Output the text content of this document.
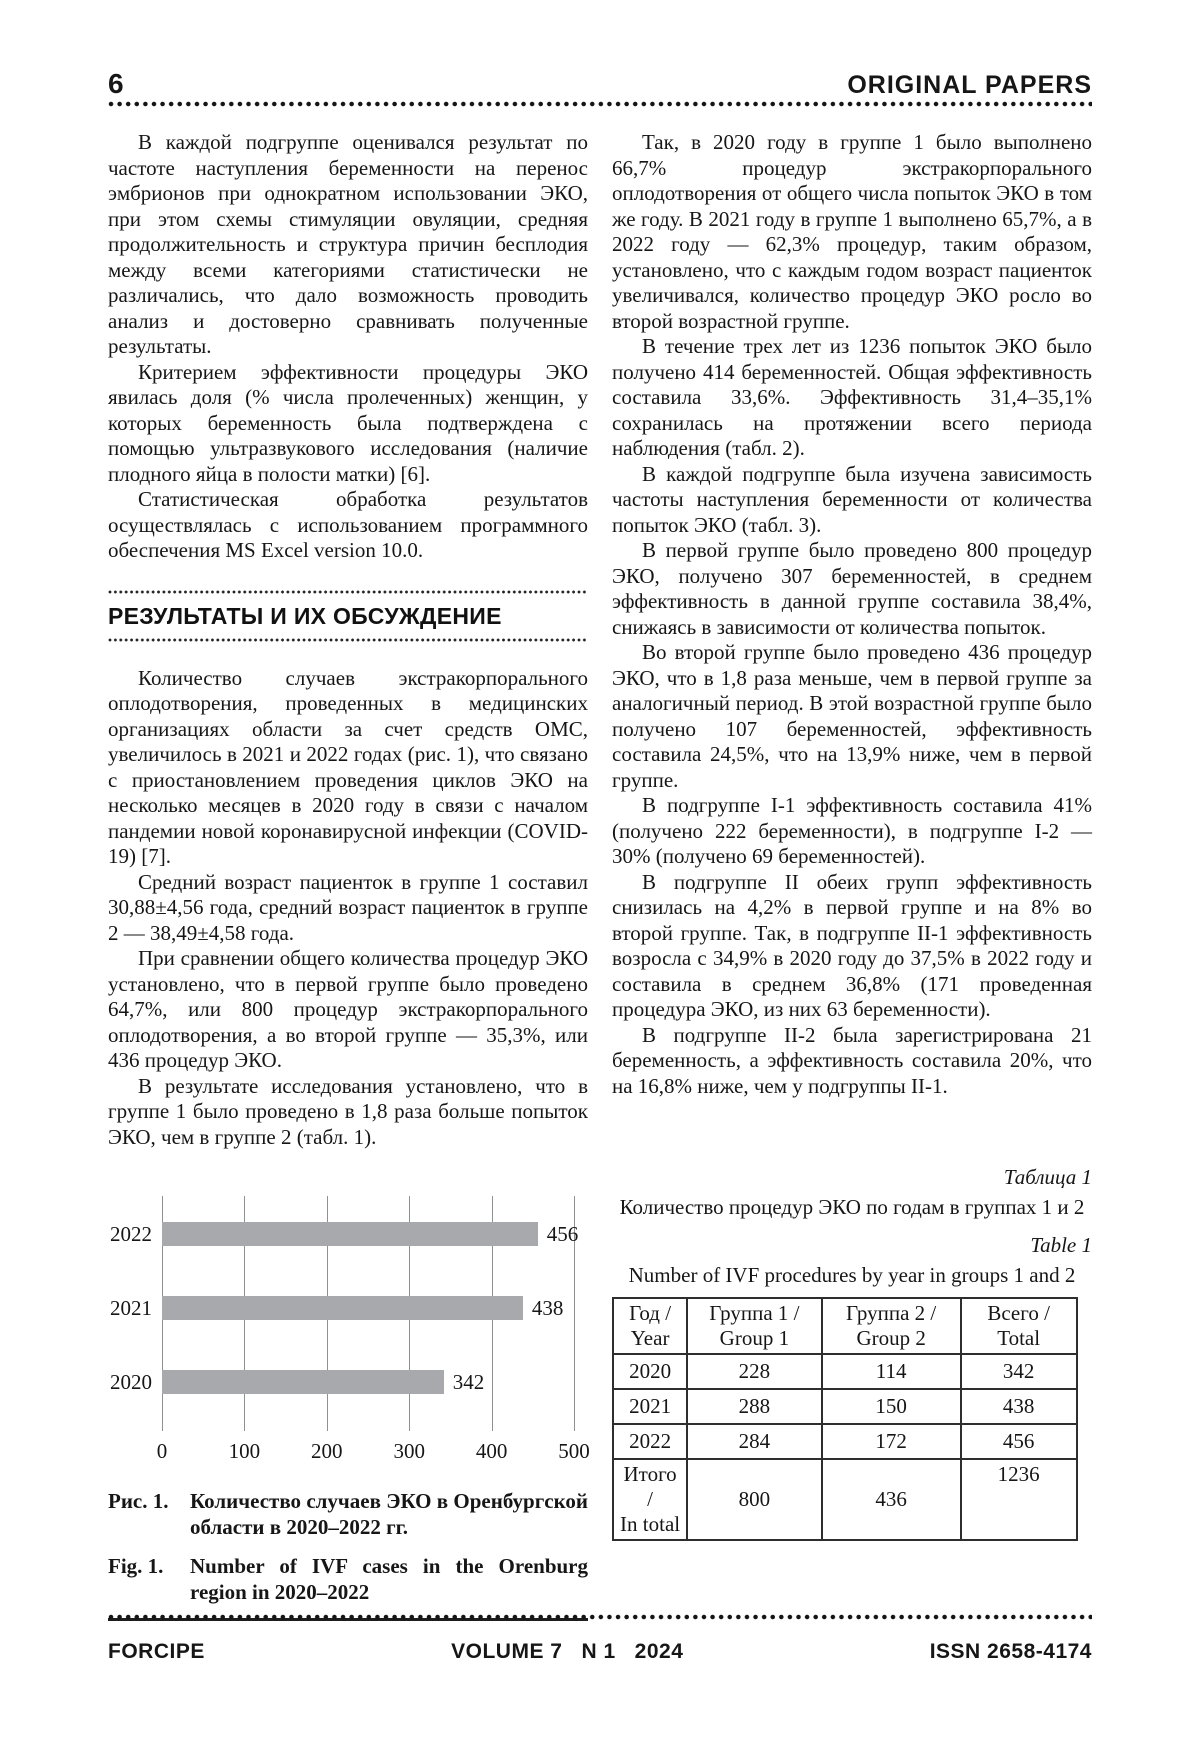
6	ORIGINAL PAPERS

В каждой подгруппе оценивался результат по частоте наступления беременности на перенос эмбрионов при однократном использовании ЭКО, при этом схемы стимуляции овуляции, средняя продолжительность и структура причин бесплодия между всеми категориями статистически не различались, что дало возможность проводить анализ и достоверно сравнивать полученные результаты.

Критерием эффективности процедуры ЭКО явилась доля (% числа пролеченных) женщин, у которых беременность была подтверждена с помощью ультразвукового исследования (наличие плодного яйца в полости матки) [6].

Статистическая обработка результатов осуществлялась с использованием программного обеспечения MS Excel version 10.0.

РЕЗУЛЬТАТЫ И ИХ ОБСУЖДЕНИЕ

Количество случаев экстракорпорального оплодотворения, проведенных в медицинских организациях области за счет средств ОМС, увеличилось в 2021 и 2022 годах (рис. 1), что связано с приостановлением проведения циклов ЭКО на несколько месяцев в 2020 году в связи с началом пандемии новой коронавирусной инфекции (COVID-19) [7].

Средний возраст пациенток в группе 1 составил 30,88±4,56 года, средний возраст пациенток в группе 2 — 38,49±4,58 года.

При сравнении общего количества процедур ЭКО установлено, что в первой группе было проведено 64,7%, или 800 процедур экстракорпорального оплодотворения, а во второй группе — 35,3%, или 436 процедур ЭКО.

В результате исследования установлено, что в группе 1 было проведено в 1,8 раза больше попыток ЭКО, чем в группе 2 (табл. 1).

456
438
342
0	100 200 300 400 500
2022
2021
2020
Рис. 1.	Количество случаев ЭКО в Оренбургской области в 2020–2022 гг.
Fig. 1.	Number of IVF cases in the Orenburg region in 2020–2022

Так, в 2020 году в группе 1 было выполнено 66,7% процедур экстракорпорального оплодотворения от общего числа попыток ЭКО в том же году. В 2021 году в группе 1 выполнено 65,7%, а в 2022 году — 62,3% процедур, таким образом, установлено, что с каждым годом возраст пациенток увеличивался, количество процедур ЭКО росло во второй возрастной группе.

В течение трех лет из 1236 попыток ЭКО было получено 414 беременностей. Общая эффективность составила 33,6%. Эффективность 31,4–35,1% сохранилась на протяжении всего периода наблюдения (табл. 2).

В каждой подгруппе была изучена зависимость частоты наступления беременности от количества попыток ЭКО (табл. 3).

В первой группе было проведено 800 процедур ЭКО, получено 307 беременностей, в среднем эффективность в данной группе составила 38,4%, снижаясь в зависимости от количества попыток.

Во второй группе было проведено 436 процедур ЭКО, что в 1,8 раза меньше, чем в первой группе за аналогичный период. В этой возрастной группе было получено 107 беременностей, эффективность составила 24,5%, что на 13,9% ниже, чем в первой группе.

В подгруппе I-1 эффективность составила 41% (получено 222 беременности), в подгруппе I-2 — 30% (получено 69 беременностей).

В подгруппе II обеих групп эффективность снизилась на 4,2% в первой группе и на 8% во второй группе. Так, в подгруппе II-1 эффективность возросла с 34,9% в 2020 году до 37,5% в 2022 году и составила в среднем 36,8% (171 проведенная процедура ЭКО, из них 63 беременности).

В подгруппе II-2 была зарегистрирована 21 беременность, а эффективность составила 20%, что на 16,8% ниже, чем у подгруппы II-1.

Таблица 1
Количество процедур ЭКО по годам в группах 1 и 2
Table 1
Number of IVF procedures by year in groups 1 and 2
Год /
Year	Группа 1 /
Group 1	Группа 2 /
Group 2	Всего /
Total
2020	228	114	342
2021	288	150	438
2022	284	172	456
Итого /
In total	800	436	1236
FORCIPE	VOLUME 7   N 1   2024	ISSN 2658-4174
